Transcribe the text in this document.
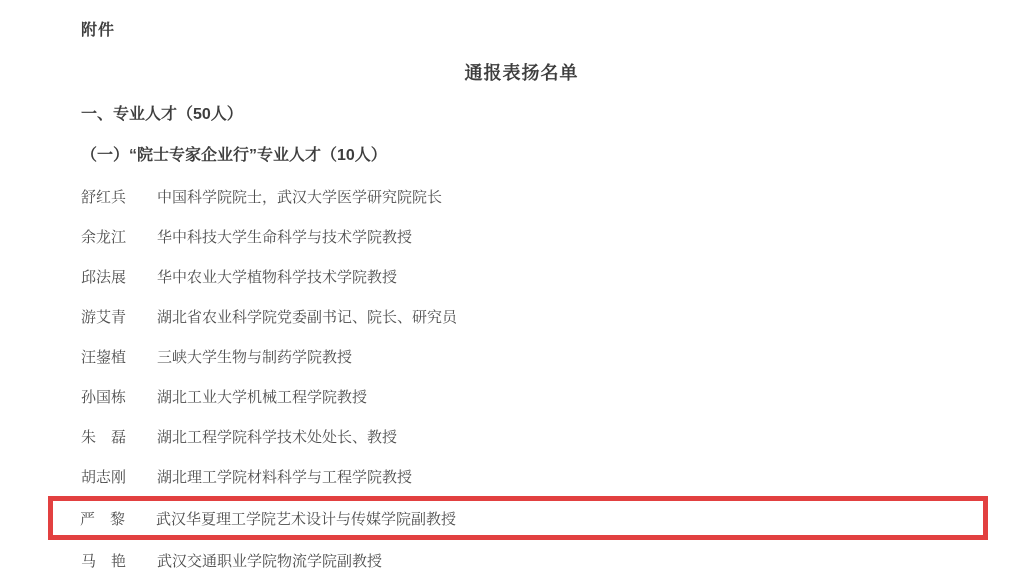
附件
通报表扬名单
一、专业人才（50人）
（一）“院士专家企业行”专业人才（10人）
舒红兵 中国科学院院士，武汉大学医学研究院院长
余龙江 华中科技大学生命科学与技术学院教授
邱法展 华中农业大学植物科学技术学院教授
游艾青 湖北省农业科学院党委副书记、院长、研究员
汪鋆植 三峡大学生物与制药学院教授
孙国栋 湖北工业大学机械工程学院教授
朱　磊 湖北工程学院科学技术处处长、教授
胡志刚 湖北理工学院材料科学与工程学院教授
严　黎 武汉华夏理工学院艺术设计与传媒学院副教授
马　艳 武汉交通职业学院物流学院副教授
